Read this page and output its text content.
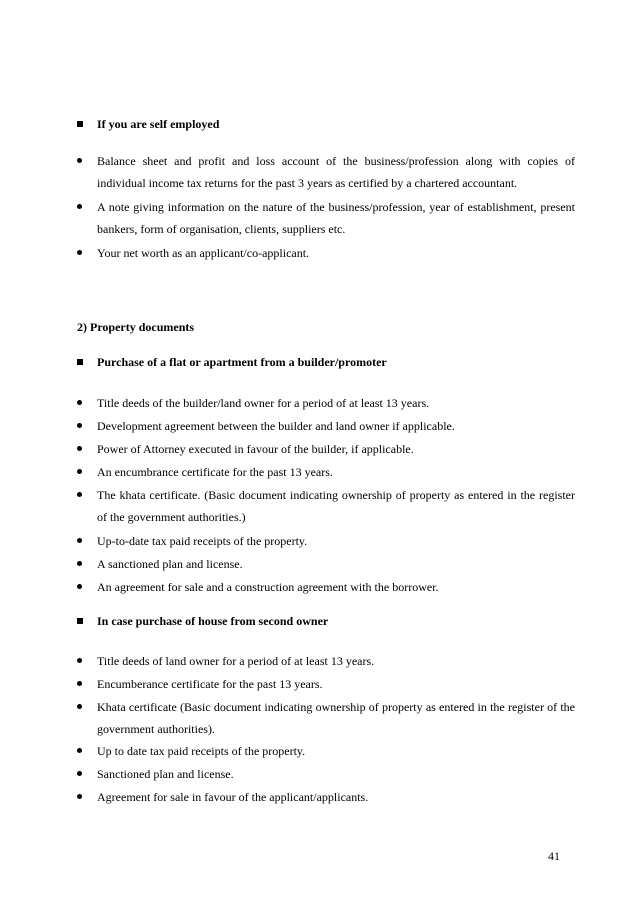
If you are self employed
Balance sheet and profit and loss account of the business/profession along with copies of individual income tax returns for the past 3 years as certified by a chartered accountant.
A note giving information on the nature of the business/profession, year of establishment, present bankers, form of organisation, clients, suppliers etc.
Your net worth as an applicant/co-applicant.
2) Property documents
Purchase of a flat or apartment from a builder/promoter
Title deeds of the builder/land owner for a period of at least 13 years.
Development agreement between the builder and land owner if applicable.
Power of Attorney executed in favour of the builder, if applicable.
An encumbrance certificate for the past 13 years.
The khata certificate. (Basic document indicating ownership of property as entered in the register of the government authorities.)
Up-to-date tax paid receipts of the property.
A sanctioned plan and license.
An agreement for sale and a construction agreement with the borrower.
In case purchase of house from second owner
Title deeds of land owner for a period of at least 13 years.
Encumberance certificate for the past 13 years.
Khata certificate (Basic document indicating ownership of property as entered in the register of the government authorities).
Up to date tax paid receipts of the property.
Sanctioned plan and license.
Agreement for sale in favour of the applicant/applicants.
41
